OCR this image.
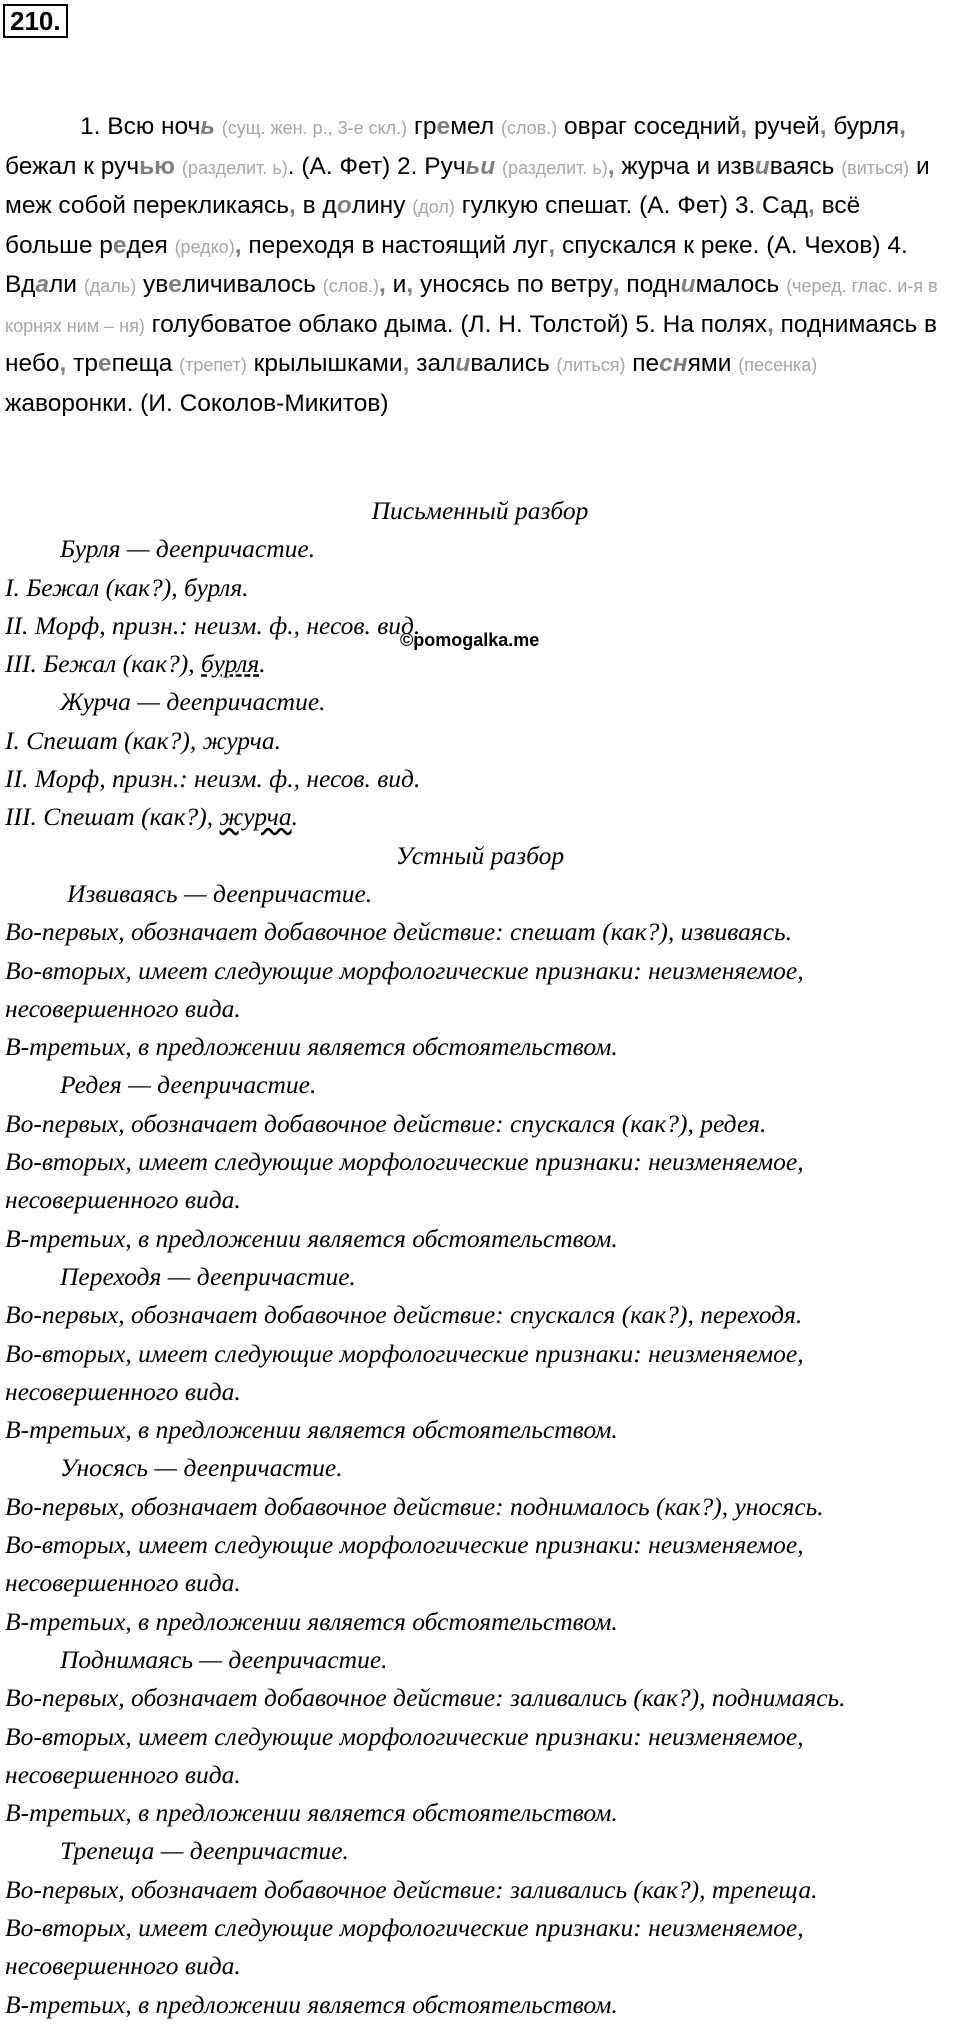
210.
1. Всю ночь (сущ. жен. р., 3-е скл.) гремел (слов.) овраг соседний, ручей, бурля, бежал к ручью (разделит. ь). (А. Фет) 2. Ручьи (разделит. ь), журча и извиваясь (виться) и меж собой перекликаясь, в долину (дол) гулкую спешат. (А. Фет) 3. Сад, всё больше редея (редко), переходя в настоящий луг, спускался к реке. (А. Чехов) 4. Вдали (даль) увеличивалось (слов.), и, уносясь по ветру, поднималось (черед. глас. и-я в корнях ним – ня) голубоватое облако дыма. (Л. Н. Толстой) 5. На полях, поднимаясь в небо, трепеща (трепет) крылышками, заливались (литься) песнями (песенка) жаворонки. (И. Соколов-Микитов)
©pomogalka.me
Письменный разбор
Бурля — деепричастие.
I. Бежал (как?), бурля.
II. Морф, призн.: неизм. ф., несов. вид.
III. Бежал (как?), бурля.
Журча — деепричастие.
I. Спешат (как?), журча.
II. Морф, призн.: неизм. ф., несов. вид.
III. Спешат (как?), журча.
Устный разбор
Извиваясь — деепричастие.
Во-первых, обозначает добавочное действие: спешат (как?), извиваясь.
Во-вторых, имеет следующие морфологические признаки: неизменяемое,
несовершенного вида.
В-третьих, в предложении является обстоятельством.
Редея — деепричастие.
Во-первых, обозначает добавочное действие: спускался (как?), редея.
Во-вторых, имеет следующие морфологические признаки: неизменяемое,
несовершенного вида.
В-третьих, в предложении является обстоятельством.
Переходя — деепричастие.
Во-первых, обозначает добавочное действие: спускался (как?), переходя.
Во-вторых, имеет следующие морфологические признаки: неизменяемое,
несовершенного вида.
В-третьих, в предложении является обстоятельством.
Уносясь — деепричастие.
Во-первых, обозначает добавочное действие: поднималось (как?), уносясь.
Во-вторых, имеет следующие морфологические признаки: неизменяемое,
несовершенного вида.
В-третьих, в предложении является обстоятельством.
Поднимаясь — деепричастие.
Во-первых, обозначает добавочное действие: заливались (как?), поднимаясь.
Во-вторых, имеет следующие морфологические признаки: неизменяемое,
несовершенного вида.
В-третьих, в предложении является обстоятельством.
Трепеща — деепричастие.
Во-первых, обозначает добавочное действие: заливались (как?), трепеща.
Во-вторых, имеет следующие морфологические признаки: неизменяемое,
несовершенного вида.
В-третьих, в предложении является обстоятельством.
